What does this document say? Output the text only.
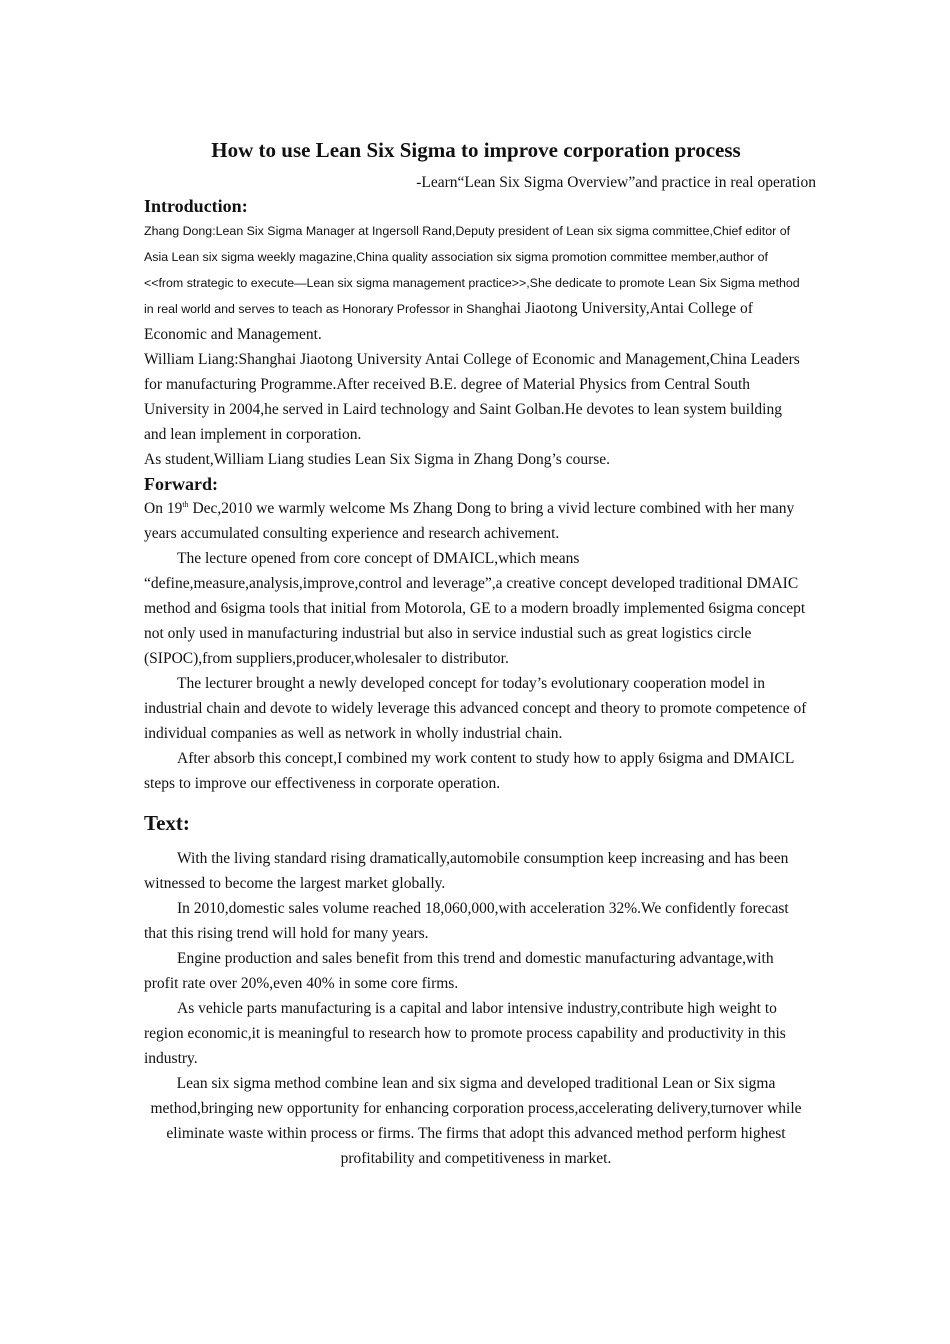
How to use Lean Six Sigma to improve corporation process
-Learn“Lean Six Sigma Overview”and practice in real operation
Introduction:

Zhang Dong:Lean Six Sigma Manager at Ingersoll Rand,Deputy president of Lean six sigma committee,Chief editor of Asia Lean six sigma weekly magazine,China quality association six sigma promotion committee member,author of <<from strategic to execute—Lean six sigma management practice>>,She dedicate to promote Lean Six Sigma method in real world and serves to teach as Honorary Professor in Shanghai Jiaotong University,Antai College of Economic and Management.

William Liang:Shanghai Jiaotong University Antai College of Economic and Management,China Leaders for manufacturing Programme.After received B.E. degree of Material Physics from Central South University in 2004,he served in Laird technology and Saint Golban.He devotes to lean system building and lean implement in corporation.

As student,William Liang studies Lean Six Sigma in Zhang Dong’s course.

Forward:

On 19th Dec,2010 we warmly welcome Ms Zhang Dong to bring a vivid lecture combined with her many years accumulated consulting experience and research achivement.

The lecture opened from core concept of DMAICL,which means “define,measure,analysis,improve,control and leverage”,a creative concept developed traditional DMAIC method and 6sigma tools that initial from Motorola, GE to a modern broadly implemented 6sigma concept not only used in manufacturing industrial but also in service industial such as great logistics circle (SIPOC),from suppliers,producer,wholesaler to distributor.

The lecturer brought a newly developed concept for today’s evolutionary cooperation model in industrial chain and devote to widely leverage this advanced concept and theory to promote competence of individual companies as well as network in wholly industrial chain.

After absorb this concept,I combined my work content to study how to apply 6sigma and DMAICL steps to improve our effectiveness in corporate operation.

Text:

With the living standard rising dramatically,automobile consumption keep increasing and has been witnessed to become the largest market globally.

In 2010,domestic sales volume reached 18,060,000,with acceleration 32%.We confidently forecast that this rising trend will hold for many years.

Engine production and sales benefit from this trend and domestic manufacturing advantage,with profit rate over 20%,even 40% in some core firms.

As vehicle parts manufacturing is a capital and labor intensive industry,contribute high weight to region economic,it is meaningful to research how to promote process capability and productivity in this industry.

Lean six sigma method combine lean and six sigma and developed traditional Lean or Six sigma method,bringing new opportunity for enhancing corporation process,accelerating delivery,turnover while eliminate waste within process or firms. The firms that adopt this advanced method perform highest profitability and competitiveness in market.
